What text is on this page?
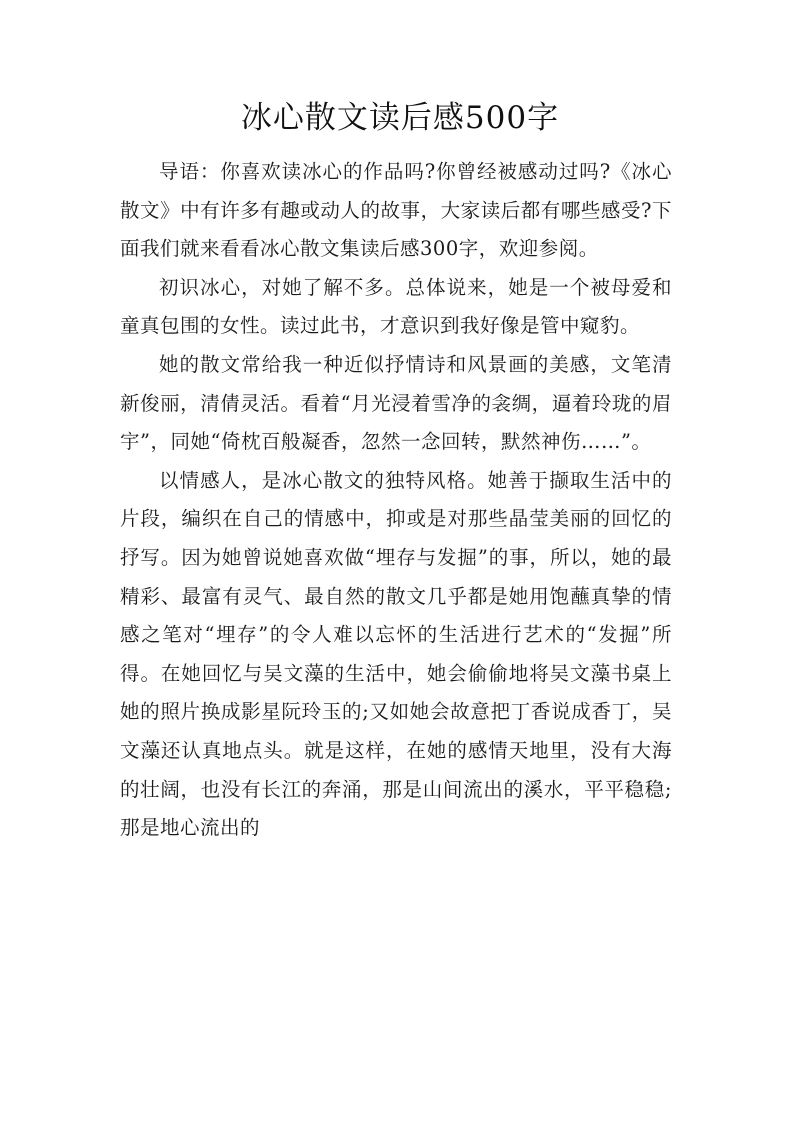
冰心散文读后感500字

导语：你喜欢读冰心的作品吗?你曾经被感动过吗?《冰心散文》中有许多有趣或动人的故事，大家读后都有哪些感受?下面我们就来看看冰心散文集读后感300字，欢迎参阅。

初识冰心，对她了解不多。总体说来，她是一个被母爱和童真包围的女性。读过此书，才意识到我好像是管中窥豹。

她的散文常给我一种近似抒情诗和风景画的美感，文笔清新俊丽，清倩灵活。看着“月光浸着雪净的衾绸，逼着玲珑的眉宇”，同她“倚枕百般凝香，忽然一念回转，默然神伤……”。

以情感人，是冰心散文的独特风格。她善于撷取生活中的片段，编织在自己的情感中，抑或是对那些晶莹美丽的回忆的抒写。因为她曾说她喜欢做“埋存与发掘”的事，所以，她的最精彩、最富有灵气、最自然的散文几乎都是她用饱蘸真挚的情感之笔对“埋存”的令人难以忘怀的生活进行艺术的“发掘”所得。在她回忆与吴文藻的生活中，她会偷偷地将吴文藻书桌上她的照片换成影星阮玲玉的;又如她会故意把丁香说成香丁，吴文藻还认真地点头。就是这样，在她的感情天地里，没有大海的壮阔，也没有长江的奔涌，那是山间流出的溪水，平平稳稳;那是地心流出的
